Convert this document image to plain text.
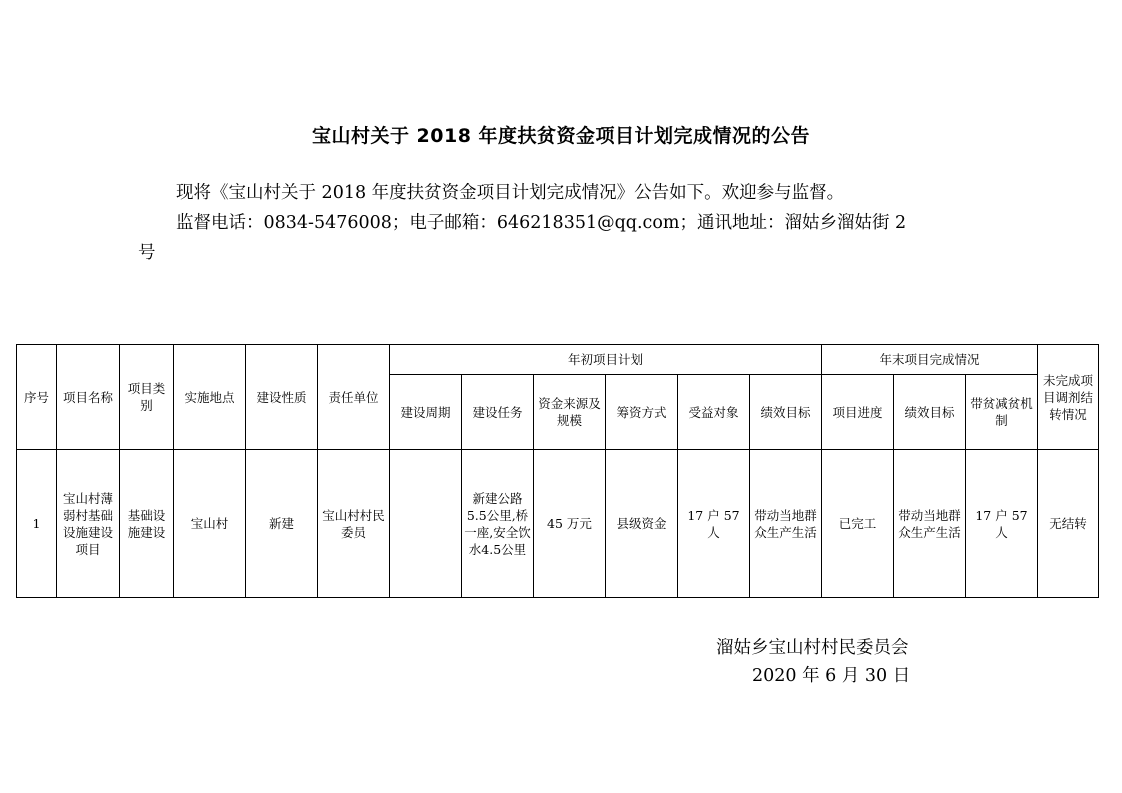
宝山村关于 2018 年度扶贫资金项目计划完成情况的公告

现将《宝山村关于 2018 年度扶贫资金项目计划完成情况》公告如下。欢迎参与监督。

监督电话：0834-5476008；电子邮箱：646218351@qq.com；通讯地址：溜姑乡溜姑街 2

号

序号	项目名称	项目类别	实施地点	建设性质	责任单位	年初项目计划						年末项目完成情况			未完成项目调剂结转情况
						建设周期	建设任务	资金来源及规模	筹资方式	受益对象	绩效目标	项目进度	绩效目标	带贫减贫机制	
1	宝山村薄弱村基础设施建设项目	基础设施建设	宝山村	新建	宝山村村民委员		新建公路5.5公里,桥一座,安全饮水4.5公里	45 万元	县级资金	17 户 57 人	带动当地群众生产生活	已完工	带动当地群众生产生活	17 户 57 人	无结转
溜姑乡宝山村村民委员会
2020 年 6 月 30 日
